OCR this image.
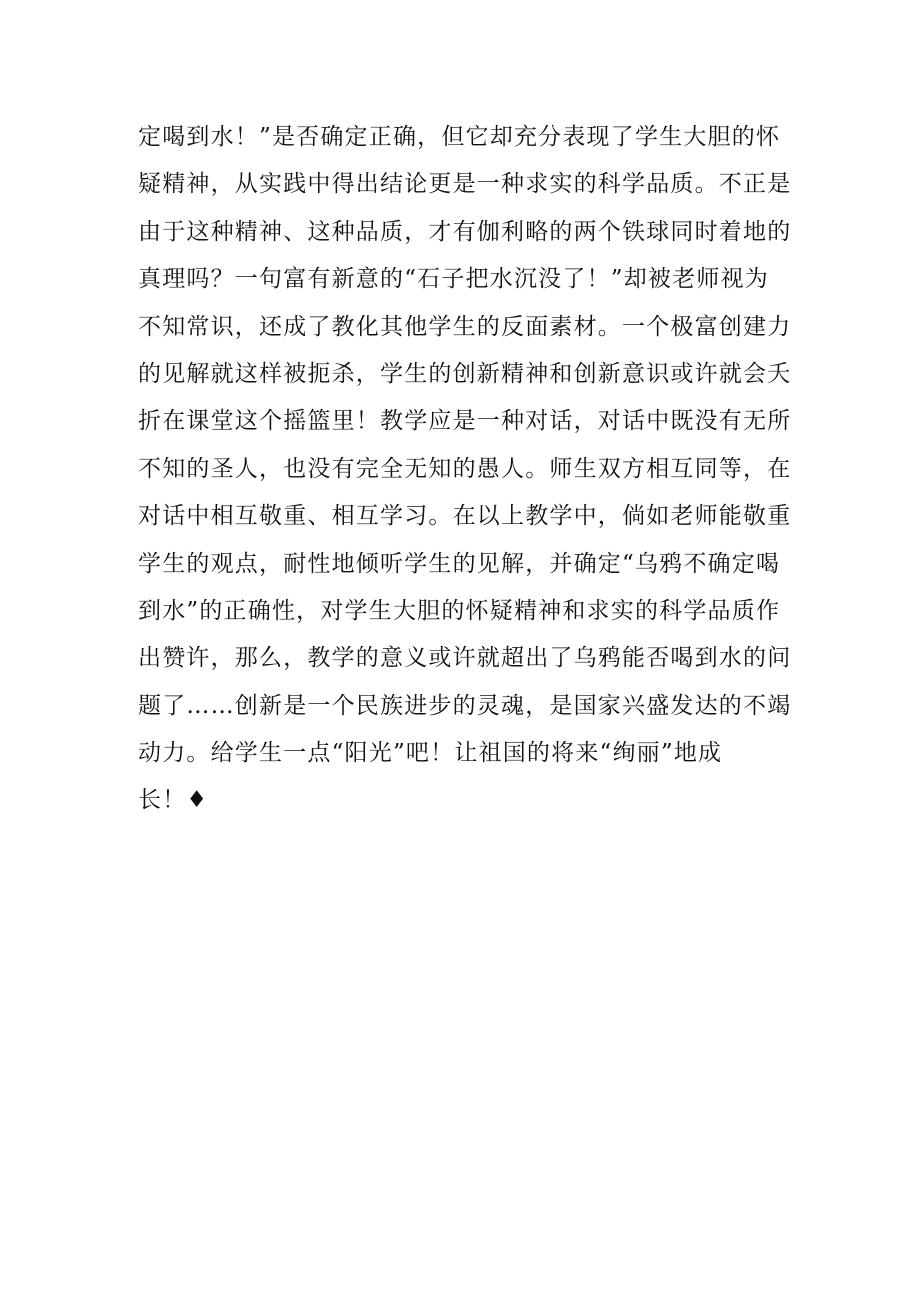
定喝到水！”是否确定正确，但它却充分表现了学生大胆的怀
疑精神，从实践中得出结论更是一种求实的科学品质。不正是
由于这种精神、这种品质，才有伽利略的两个铁球同时着地的
真理吗？一句富有新意的“石子把水沉没了！”却被老师视为
不知常识，还成了教化其他学生的反面素材。一个极富创建力
的见解就这样被扼杀，学生的创新精神和创新意识或许就会夭
折在课堂这个摇篮里！教学应是一种对话，对话中既没有无所
不知的圣人，也没有完全无知的愚人。师生双方相互同等，在
对话中相互敬重、相互学习。在以上教学中，倘如老师能敬重
学生的观点，耐性地倾听学生的见解，并确定“乌鸦不确定喝
到水”的正确性，对学生大胆的怀疑精神和求实的科学品质作
出赞许，那么，教学的意义或许就超出了乌鸦能否喝到水的问
题了……创新是一个民族进步的灵魂，是国家兴盛发达的不竭
动力。给学生一点“阳光”吧！让祖国的将来“绚丽”地成
长！♦
